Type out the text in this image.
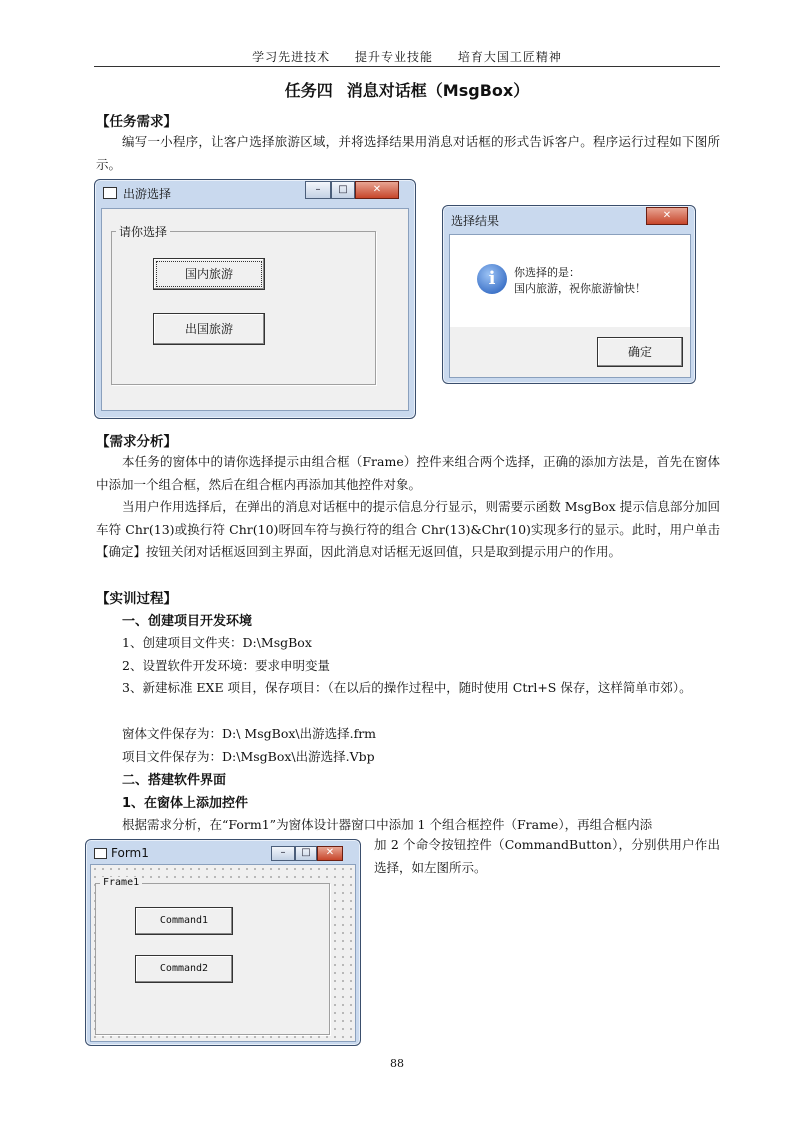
学习先进技术 提升专业技能 培育大国工匠精神
任务四 消息对话框（MsgBox）
【任务需求】
编写一小程序，让客户选择旅游区域，并将选择结果用消息对话框的形式告诉客户。程序运行过程如下图所示。
出游选择	–	□	✕
请你选择
国内旅游
出国旅游
选择结果	✕
i	你选择的是：
国内旅游，祝你旅游愉快！
确定
【需求分析】
本任务的窗体中的请你选择提示由组合框（Frame）控件来组合两个选择，正确的添加方法是，首先在窗体中添加一个组合框，然后在组合框内再添加其他控件对象。
当用户作用选择后，在弹出的消息对话框中的提示信息分行显示，则需要示函数 MsgBox 提示信息部分加回车符 Chr(13)或换行符 Chr(10)呀回车符与换行符的组合 Chr(13)&Chr(10)实现多行的显示。此时，用户单击【确定】按钮关闭对话框返回到主界面，因此消息对话框无返回值，只是取到提示用户的作用。
【实训过程】
一、创建项目开发环境
1、创建项目文件夹：D:\MsgBox
2、设置软件开发环境：要求申明变量
3、新建标准 EXE 项目，保存项目：（在以后的操作过程中，随时使用 Ctrl+S 保存，这样简单市郊）。
窗体文件保存为：D:\ MsgBox\出游选择.frm
项目文件保存为：D:\MsgBox\出游选择.Vbp
二、搭建软件界面
1、在窗体上添加控件
根据需求分析，在“Form1”为窗体设计器窗口中添加 1 个组合框控件（Frame），再组合框内添
加 2 个命令按钮控件（CommandButton），分别供用户作出选择，如左图所示。
Form1	–	□	✕
Frame1
Command1
Command2
88
